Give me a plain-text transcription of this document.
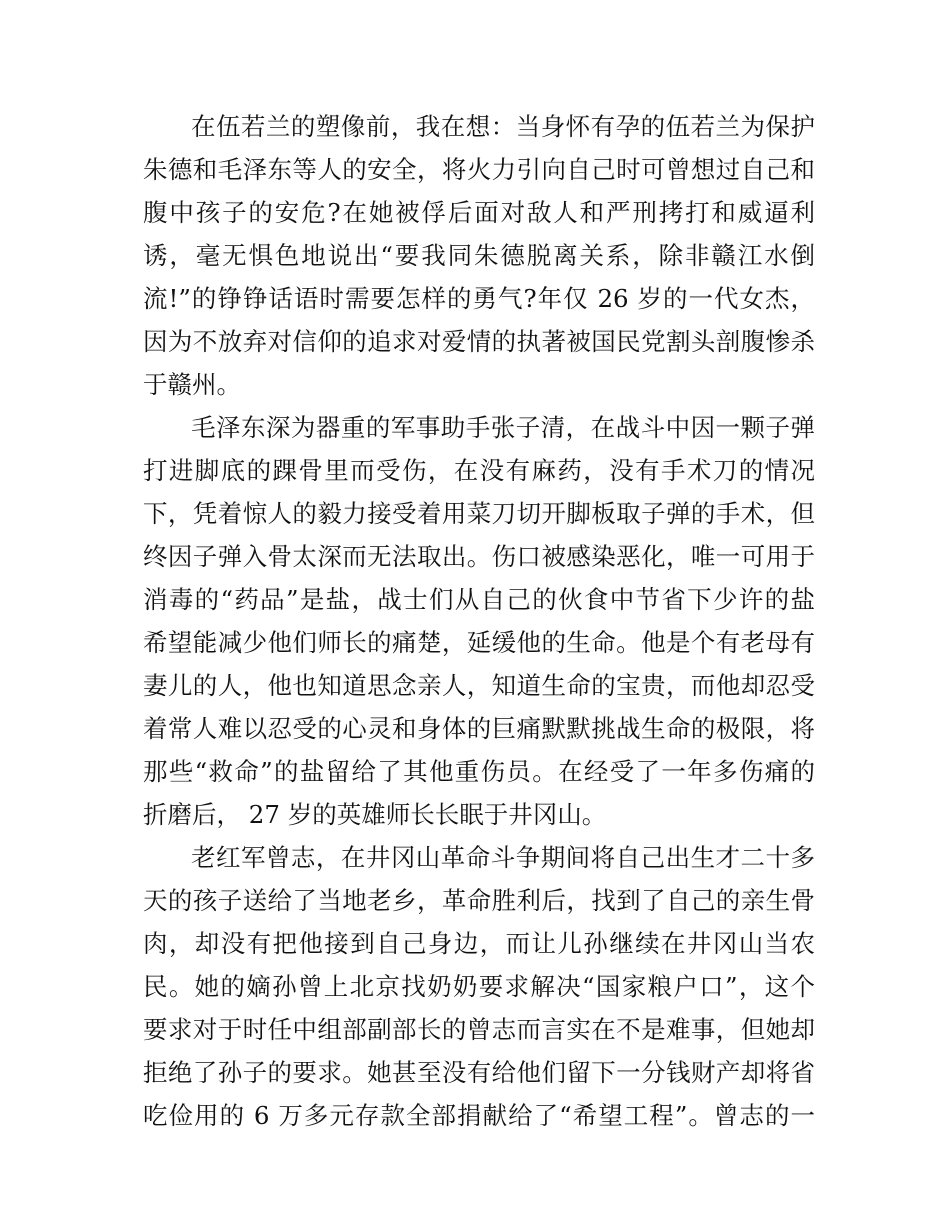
在伍若兰的塑像前，我在想：当身怀有孕的伍若兰为保护
朱德和毛泽东等人的安全，将火力引向自己时可曾想过自己和
腹中孩子的安危?在她被俘后面对敌人和严刑拷打和威逼利
诱，毫无惧色地说出“要我同朱德脱离关系，除非赣江水倒
流!”的铮铮话语时需要怎样的勇气?年仅 26 岁的一代女杰，
因为不放弃对信仰的追求对爱情的执著被国民党割头剖腹惨杀
于赣州。
毛泽东深为器重的军事助手张子清，在战斗中因一颗子弹
打进脚底的踝骨里而受伤，在没有麻药，没有手术刀的情况
下，凭着惊人的毅力接受着用菜刀切开脚板取子弹的手术，但
终因子弹入骨太深而无法取出。伤口被感染恶化，唯一可用于
消毒的“药品”是盐，战士们从自己的伙食中节省下少许的盐
希望能减少他们师长的痛楚，延缓他的生命。他是个有老母有
妻儿的人，他也知道思念亲人，知道生命的宝贵，而他却忍受
着常人难以忍受的心灵和身体的巨痛默默挑战生命的极限，将
那些“救命”的盐留给了其他重伤员。在经受了一年多伤痛的
折磨后， 27 岁的英雄师长长眠于井冈山。
老红军曾志，在井冈山革命斗争期间将自己出生才二十多
天的孩子送给了当地老乡，革命胜利后，找到了自己的亲生骨
肉，却没有把他接到自己身边，而让儿孙继续在井冈山当农
民。她的嫡孙曾上北京找奶奶要求解决“国家粮户口”，这个
要求对于时任中组部副部长的曾志而言实在不是难事，但她却
拒绝了孙子的要求。她甚至没有给他们留下一分钱财产却将省
吃俭用的 6 万多元存款全部捐献给了“希望工程”。曾志的一
